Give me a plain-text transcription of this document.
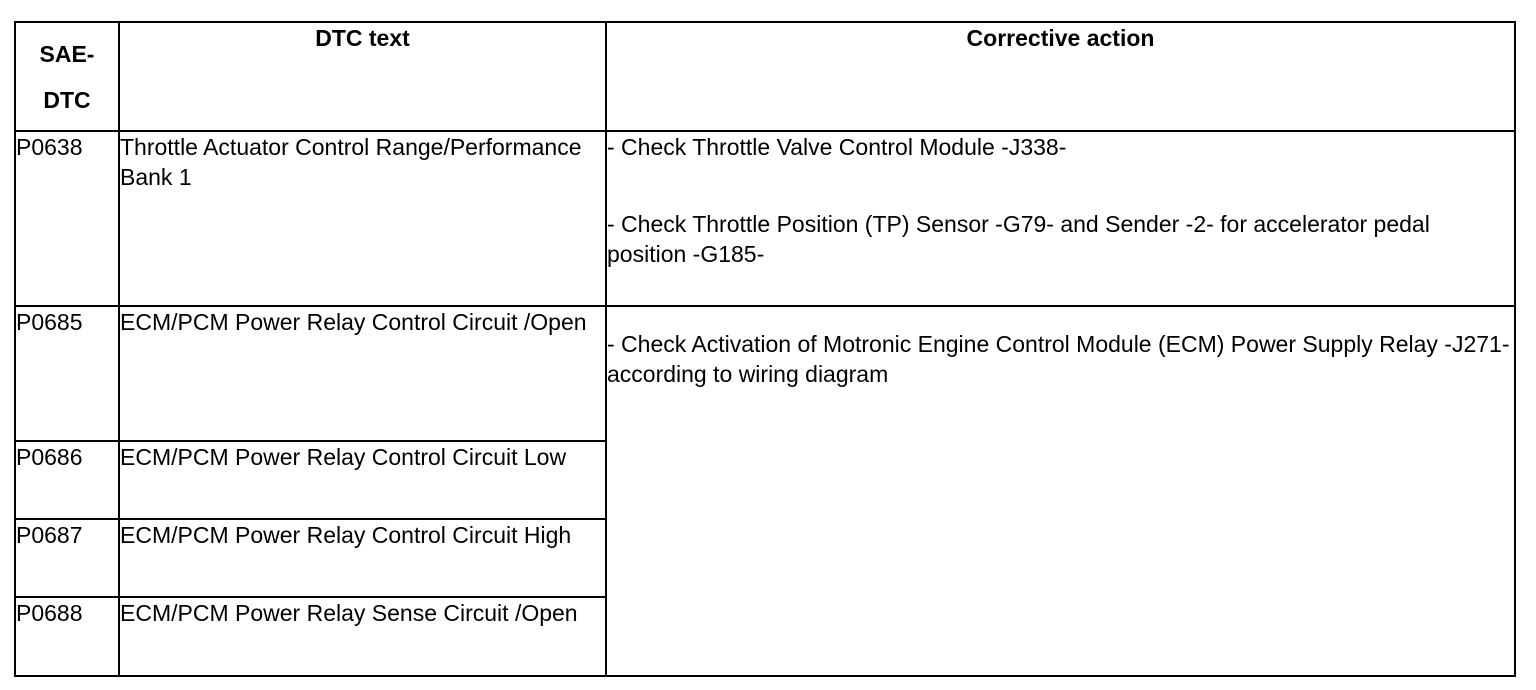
SAE-
DTC	DTC text	Corrective action
P0638	Throttle Actuator Control Range/Performance Bank 1	- Check Throttle Valve Control Module -J338-

- Check Throttle Position (TP) Sensor -G79- and Sender -2- for accelerator pedal position -G185-

P0685	ECM/PCM Power Relay Control Circuit /Open	- Check Activation of Motronic Engine Control Module (ECM) Power Supply Relay -J271- according to wiring diagram

P0686	ECM/PCM Power Relay Control Circuit Low	
P0687	ECM/PCM Power Relay Control Circuit High	
P0688	ECM/PCM Power Relay Sense Circuit /Open	
